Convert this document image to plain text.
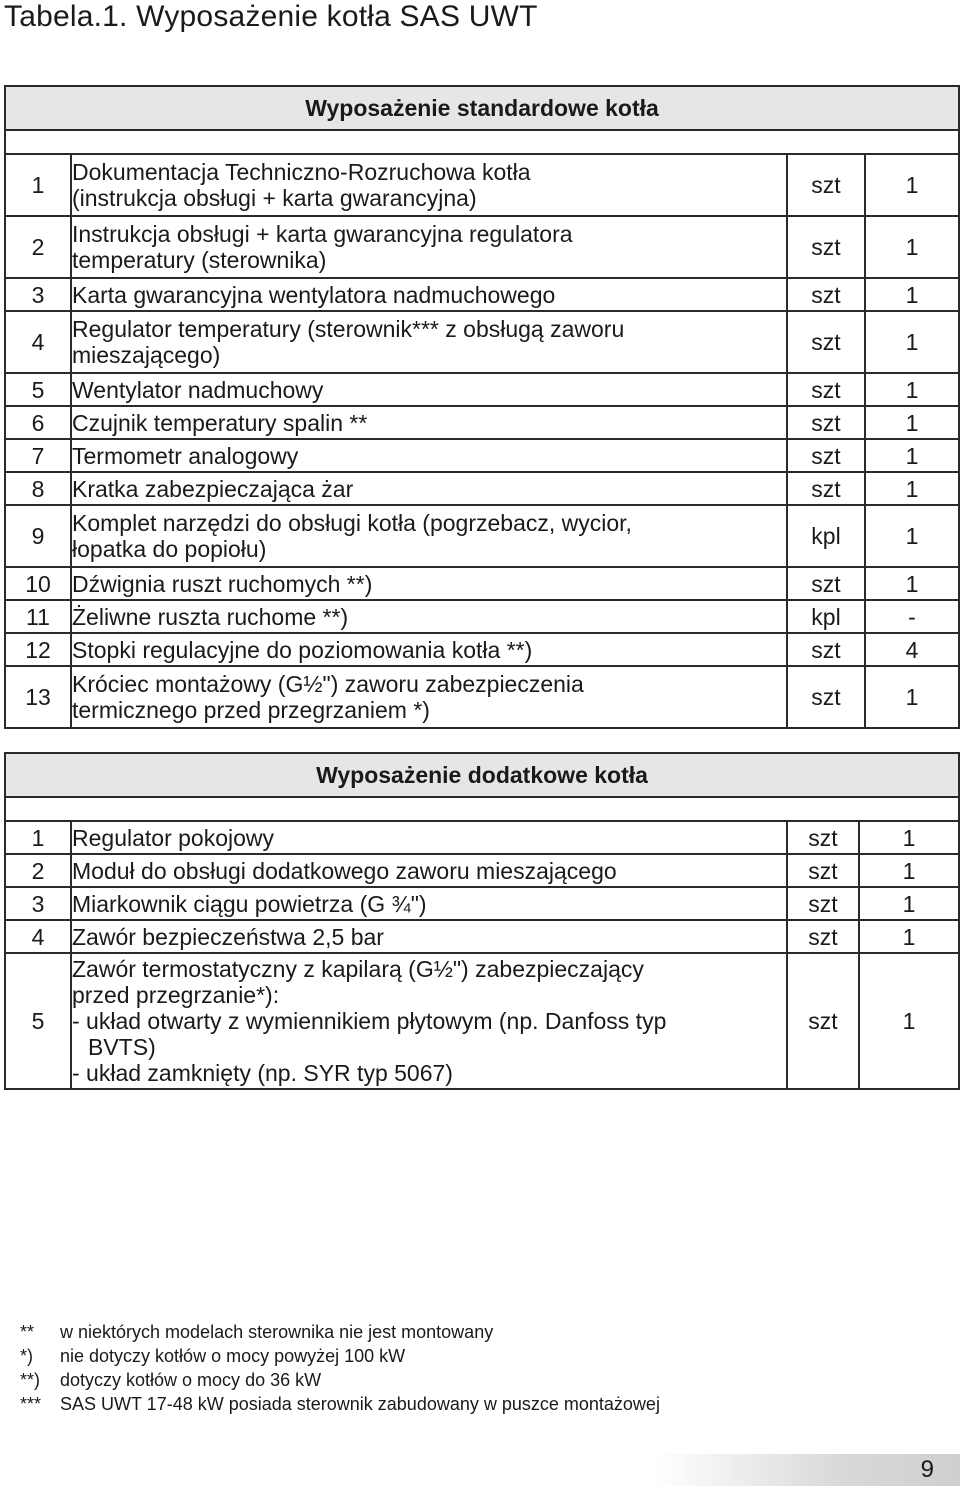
Tabela.1. Wyposażenie kotła SAS UWT
Wyposażenie standardowe kotła			

1	Dokumentacja Techniczno-Rozruchowa kotła
(instrukcja obsługi + karta gwarancyjna)	szt	1
2	Instrukcja obsługi + karta gwarancyjna regulatora
temperatury (sterownika)	szt	1
3	Karta gwarancyjna wentylatora nadmuchowego	szt	1
4	Regulator temperatury (sterownik*** z obsługą zaworu
mieszającego)	szt	1
5	Wentylator nadmuchowy	szt	1
6	Czujnik temperatury spalin **	szt	1
7	Termometr analogowy	szt	1
8	Kratka zabezpieczająca żar	szt	1
9	Komplet narzędzi do obsługi kotła (pogrzebacz, wycior,
łopatka do popiołu)	kpl	1
10	Dźwignia ruszt ruchomych **)	szt	1
11	Żeliwne ruszta ruchome **)	kpl	-
12	Stopki regulacyjne do poziomowania kotła **)	szt	4
13	Króciec montażowy (G½") zaworu zabezpieczenia
termicznego przed przegrzaniem *)	szt	1
Wyposażenie dodatkowe kotła			

1	Regulator pokojowy	szt	1
2	Moduł do obsługi dodatkowego zaworu mieszającego	szt	1
3	Miarkownik ciągu powietrza (G ¾")	szt	1
4	Zawór bezpieczeństwa 2,5 bar	szt	1
5	Zawór termostatyczny z kapilarą (G½") zabezpieczający
przed przegrzanie*):
- układ otwarty z wymiennikiem płytowym (np. Danfoss typ
BVTS)
- układ zamknięty (np. SYR typ 5067)	szt	1
**	w niektórych modelach sterownika nie jest montowany
*)	nie dotyczy kotłów o mocy powyżej 100 kW
**)	dotyczy kotłów o mocy do 36 kW
***	SAS UWT 17-48 kW posiada sterownik zabudowany w puszce montażowej
9
